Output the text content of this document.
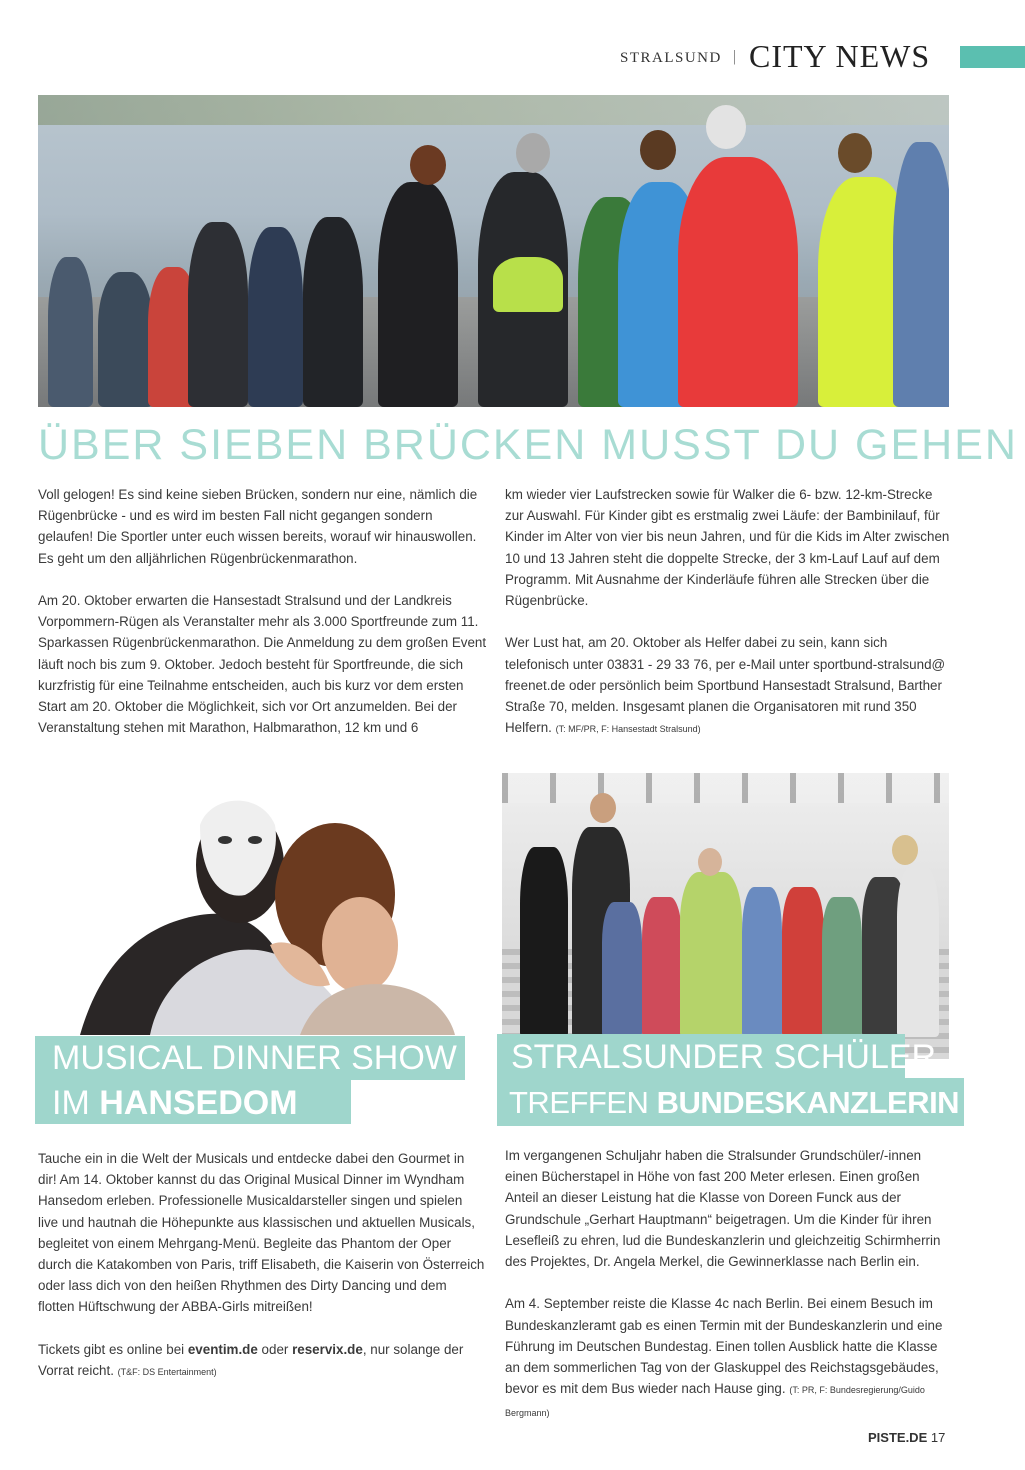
STRALSUND | CITY NEWS
ÜBER SIEBEN BRÜCKEN MUSST DU GEHEN

Voll gelogen! Es sind keine sieben Brücken, sondern nur eine, nämlich die Rügenbrücke - und es wird im besten Fall nicht gegangen sondern gelaufen! Die Sportler unter euch wissen bereits, worauf wir hinauswollen. Es geht um den alljährlichen Rügenbrückenmarathon.

Am 20. Oktober erwarten die Hansestadt Stralsund und der Landkreis Vorpommern-Rügen als Veranstalter mehr als 3.000 Sportfreunde zum 11. Sparkassen Rügenbrückenmarathon. Die Anmeldung zu dem großen Event läuft noch bis zum 9. Oktober. Jedoch besteht für Sportfreunde, die sich kurzfristig für eine Teilnahme entscheiden, auch bis kurz vor dem ersten Start am 20. Oktober die Möglichkeit, sich vor Ort anzumelden. Bei der Veranstaltung stehen mit Marathon, Halbmarathon, 12 km und 6

km wieder vier Laufstrecken sowie für Walker die 6- bzw. 12-km-Strecke zur Auswahl. Für Kinder gibt es erstmalig zwei Läufe: der Bambinilauf, für Kinder im Alter von vier bis neun Jahren, und für die Kids im Alter zwischen 10 und 13 Jahren steht die doppelte Strecke, der 3 km-Lauf Lauf auf dem Programm. Mit Ausnahme der Kinderläufe führen alle Strecken über die Rügenbrücke.

Wer Lust hat, am 20. Oktober als Helfer dabei zu sein, kann sich telefonisch unter 03831 - 29 33 76, per e-Mail unter sportbund-stralsund@ freenet.de oder persönlich beim Sportbund Hansestadt Stralsund, Barther Straße 70, melden. Insgesamt planen die Organisatoren mit rund 350 Helfern. (T: MF/PR, F: Hansestadt Stralsund)

MUSICAL DINNER SHOW
IM HANSEDOM
STRALSUNDER SCHÜLER
TREFFEN BUNDESKANZLERIN

Tauche ein in die Welt der Musicals und entdecke dabei den Gourmet in dir! Am 14. Oktober kannst du das Original Musical Dinner im Wyndham Hansedom erleben. Professionelle Musicaldarsteller singen und spielen live und hautnah die Höhepunkte aus klassischen und aktuellen Musicals, begleitet von einem Mehrgang-Menü. Begleite das Phantom der Oper durch die Katakomben von Paris, triff Elisabeth, die Kaiserin von Österreich oder lass dich von den heißen Rhythmen des Dirty Dancing und dem flotten Hüftschwung der ABBA-Girls mitreißen!

Tickets gibt es online bei eventim.de oder reservix.de, nur solange der Vorrat reicht. (T&F: DS Entertainment)

Im vergangenen Schuljahr haben die Stralsunder Grundschüler/-innen einen Bücherstapel in Höhe von fast 200 Meter erlesen. Einen großen Anteil an dieser Leistung hat die Klasse von Doreen Funck aus der Grundschule „Gerhart Hauptmann“ beigetragen. Um die Kinder für ihren Lesefleiß zu ehren, lud die Bundeskanzlerin und gleichzeitig Schirmherrin des Projektes, Dr. Angela Merkel, die Gewinnerklasse nach Berlin ein.

Am 4. September reiste die Klasse 4c nach Berlin. Bei einem Besuch im Bundeskanzleramt gab es einen Termin mit der Bundeskanzlerin und eine Führung im Deutschen Bundestag. Einen tollen Ausblick hatte die Klasse an dem sommerlichen Tag von der Glaskuppel des Reichstagsgebäudes, bevor es mit dem Bus wieder nach Hause ging. (T: PR, F: Bundesregierung/Guido Bergmann)

PISTE.DE 17
